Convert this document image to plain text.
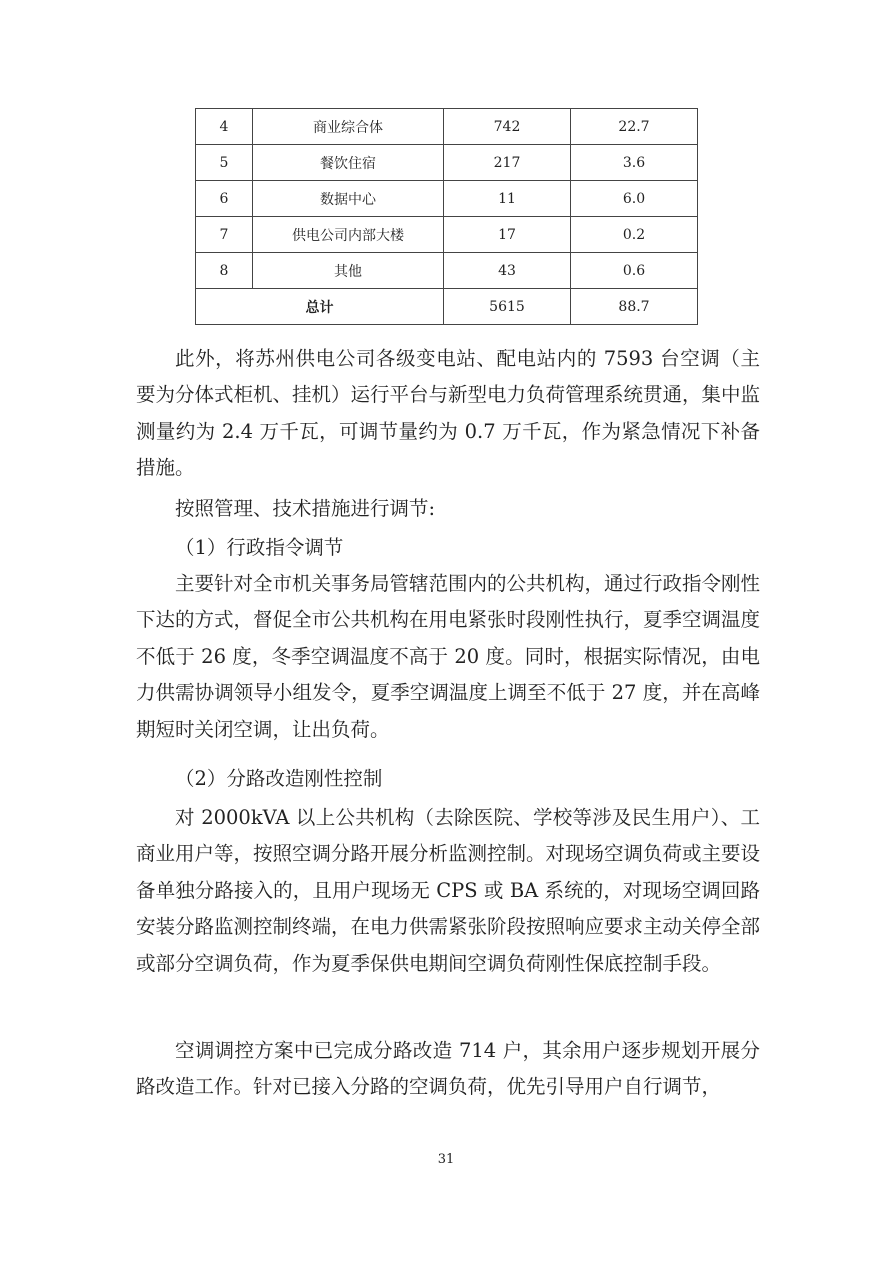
4	商业综合体	742	22.7
5	餐饮住宿	217	3.6
6	数据中心	11	6.0
7	供电公司内部大楼	17	0.2
8	其他	43	0.6
总计		5615	88.7

此外，将苏州供电公司各级变电站、配电站内的 7593 台空调（主要为分体式柜机、挂机）运行平台与新型电力负荷管理系统贯通，集中监测量约为 2.4 万千瓦，可调节量约为 0.7 万千瓦，作为紧急情况下补备措施。

按照管理、技术措施进行调节:

（1）行政指令调节

主要针对全市机关事务局管辖范围内的公共机构，通过行政指令刚性下达的方式，督促全市公共机构在用电紧张时段刚性执行，夏季空调温度不低于 26 度，冬季空调温度不高于 20 度。同时，根据实际情况，由电力供需协调领导小组发令，夏季空调温度上调至不低于 27 度，并在高峰期短时关闭空调，让出负荷。

（2）分路改造刚性控制

对 2000kVA 以上公共机构（去除医院、学校等涉及民生用户）、工商业用户等，按照空调分路开展分析监测控制。对现场空调负荷或主要设备单独分路接入的，且用户现场无 CPS 或 BA 系统的，对现场空调回路安装分路监测控制终端，在电力供需紧张阶段按照响应要求主动关停全部或部分空调负荷，作为夏季保供电期间空调负荷刚性保底控制手段。

空调调控方案中已完成分路改造 714 户，其余用户逐步规划开展分路改造工作。针对已接入分路的空调负荷，优先引导用户自行调节，

31
